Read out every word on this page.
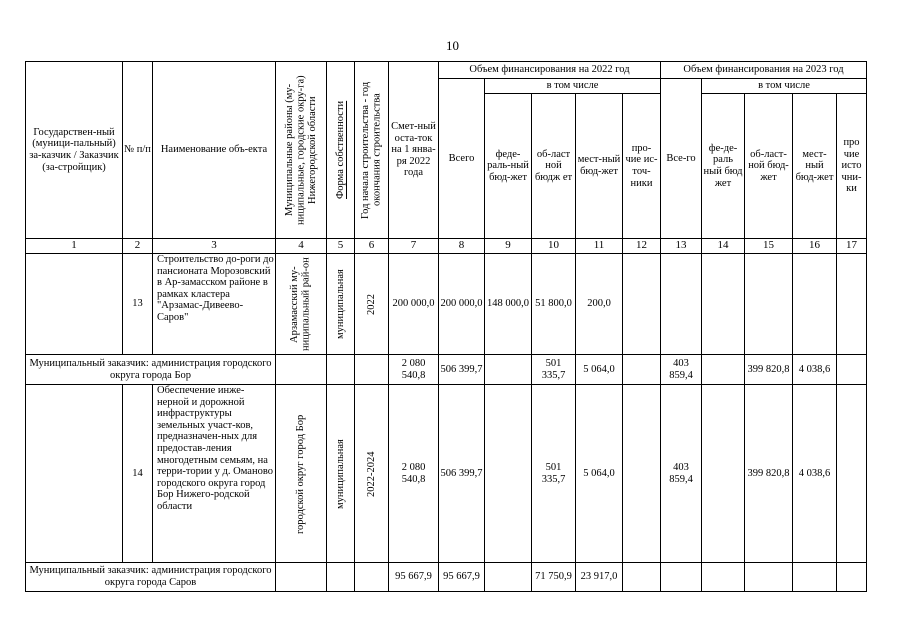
10
Государствен-ный (муници-пальный) за-казчик / Заказчик (за-стройщик)	№ п/п	Наименование объ-екта	Муниципальные районы (му-ниципальные, городские окру-га) Нижегородской области	Форма собственности	Год начала строительства - год окончания строительства	Смет-ный оста-ток на 1 янва-ря 2022 года	Объем финансирования на 2022 год					Объем финансирования на 2023 год				
							Всего	в том числе				Все-го	в том числе			
								феде-раль-ный бюд-жет	об-ласт ной бюдж ет	мест-ный бюд-жет	про-чие ис-точ-ники		фе-де-раль ный бюд жет	об-ласт-ной бюд-жет	мест-ный бюд-жет	про чие исто чни-ки
1	2	3	4	5	6	7	8	9	10	11	12	13	14	15	16	17
	13	Строительство до-роги до пансионата Морозовский в Ар-замасском районе в рамках кластера "Арзамас-Дивеево-Саров"	Арзамасский му-ниципальный рай-он	муниципальная	2022	200 000,0	200 000,0	148 000,0	51 800,0	200,0						
Муниципальный заказчик: администрация городского округа города Бор						2 080 540,8	506 399,7		501 335,7	5 064,0		403 859,4		399 820,8	4 038,6	
	14	Обеспечение инже-нерной и дорожной инфраструктуры земельных участ-ков, предназначен-ных для предостав-ления многодетным семьям, на терри-тории у д. Оманово городского округа город Бор Нижего-родской области	городской округ город Бор	муниципальная	2022-2024	2 080 540,8	506 399,7		501 335,7	5 064,0		403 859,4		399 820,8	4 038,6	
Муниципальный заказчик: администрация городского округа города Саров						95 667,9	95 667,9		71 750,9	23 917,0						
